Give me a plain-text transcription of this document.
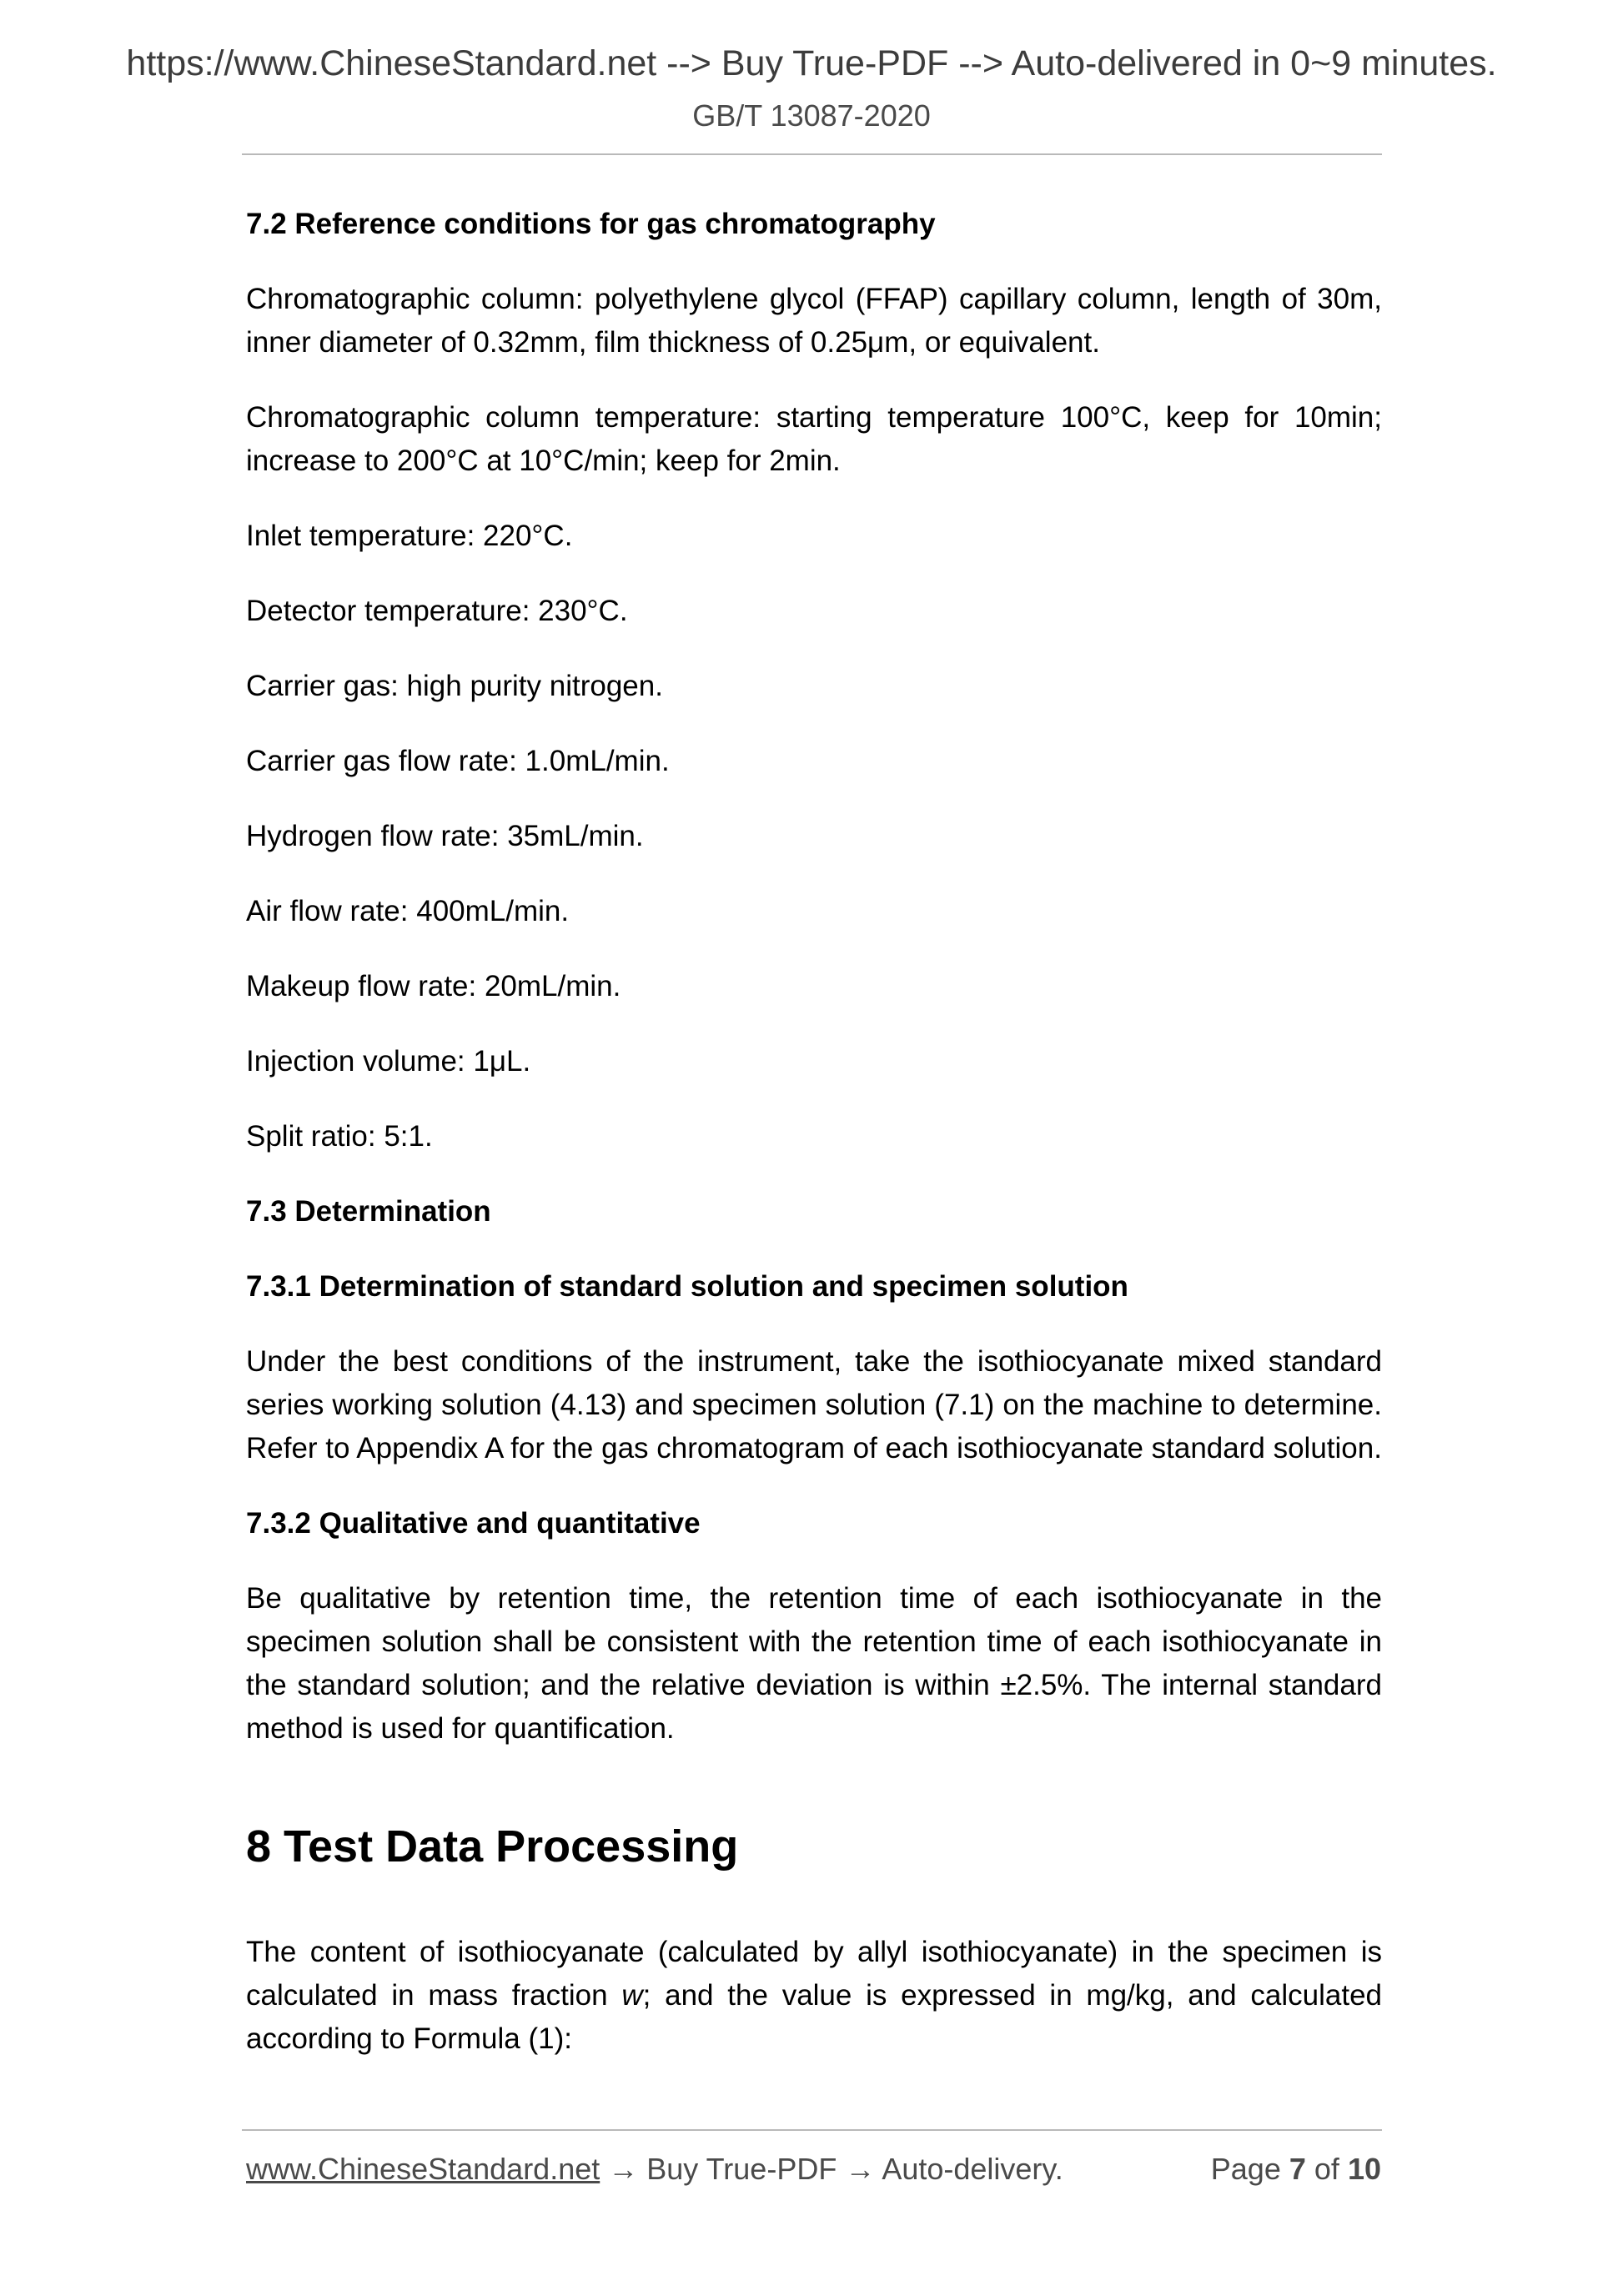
https://www.ChineseStandard.net --> Buy True-PDF --> Auto-delivered in 0~9 minutes.
GB/T 13087-2020
7.2 Reference conditions for gas chromatography
Chromatographic column: polyethylene glycol (FFAP) capillary column, length of 30m, inner diameter of 0.32mm, film thickness of 0.25μm, or equivalent.
Chromatographic column temperature: starting temperature 100°C, keep for 10min; increase to 200°C at 10°C/min; keep for 2min.
Inlet temperature: 220°C.
Detector temperature: 230°C.
Carrier gas: high purity nitrogen.
Carrier gas flow rate: 1.0mL/min.
Hydrogen flow rate: 35mL/min.
Air flow rate: 400mL/min.
Makeup flow rate: 20mL/min.
Injection volume: 1μL.
Split ratio: 5:1.
7.3 Determination
7.3.1 Determination of standard solution and specimen solution
Under the best conditions of the instrument, take the isothiocyanate mixed standard series working solution (4.13) and specimen solution (7.1) on the machine to determine. Refer to Appendix A for the gas chromatogram of each isothiocyanate standard solution.
7.3.2 Qualitative and quantitative
Be qualitative by retention time, the retention time of each isothiocyanate in the specimen solution shall be consistent with the retention time of each isothiocyanate in the standard solution; and the relative deviation is within ±2.5%. The internal standard method is used for quantification.
8 Test Data Processing
The content of isothiocyanate (calculated by allyl isothiocyanate) in the specimen is calculated in mass fraction w; and the value is expressed in mg/kg, and calculated according to Formula (1):
www.ChineseStandard.net → Buy True-PDF → Auto-delivery.	Page 7 of 10
